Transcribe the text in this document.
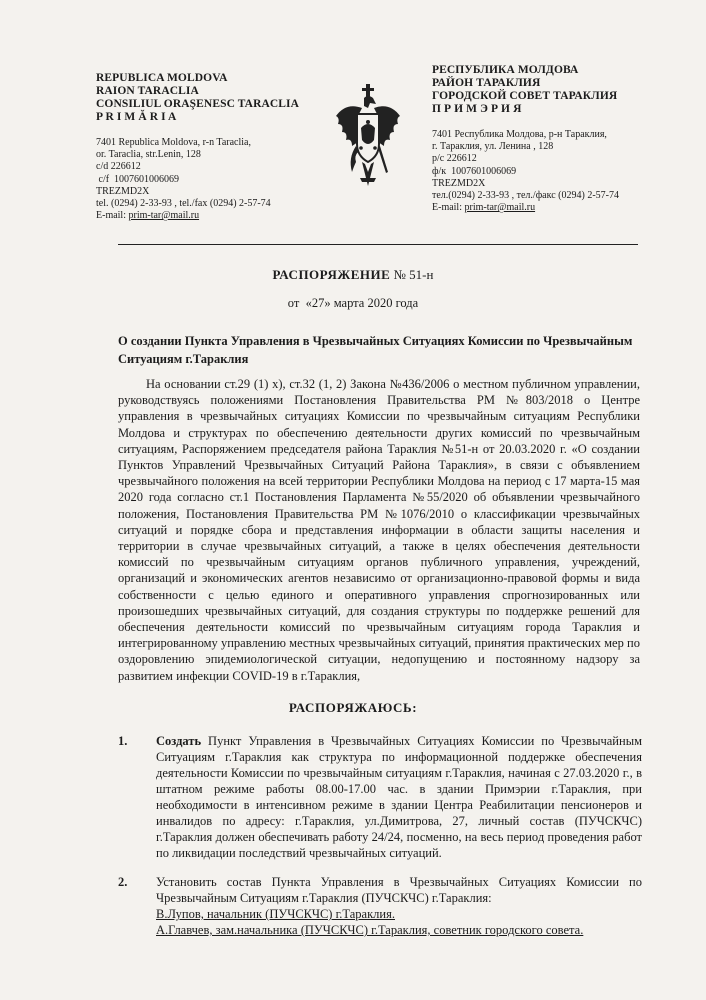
REPUBLICA MOLDOVA
RAION TARACLIA
CONSILIUL ORAŞENESC TARACLIA
P R I M Ă R I A
7401 Republica Moldova, r-n Taraclia,
or. Taraclia, str.Lenin, 128
c/d 226612
c/f  1007601006069
TREZMD2X
tel. (0294) 2-33-93 , tel./fax (0294) 2-57-74
E-mail: prim-tar@mail.ru
РЕСПУБЛИКА МОЛДОВА
РАЙОН ТАРАКЛИЯ
ГОРОДСКОЙ СОВЕТ ТАРАКЛИЯ
П Р И М Э Р И Я
7401 Республика Молдова, р-н Тараклия,
г. Тараклия, ул. Ленина , 128
р/с 226612
ф/к  1007601006069
TREZMD2X
тел.(0294) 2-33-93 , тел./факс (0294) 2-57-74
E-mail: prim-tar@mail.ru
РАСПОРЯЖЕНИЕ № 51-н
от  «27» марта 2020 года
О создании Пункта Управления в Чрезвычайных Ситуациях Комиссии по Чрезвычайным Ситуациям г.Тараклия
На основании ст.29 (1) х), ст.32 (1, 2) Закона №436/2006 о местном публичном управлении, руководствуясь положениями Постановления Правительства РМ №803/2018 о Центре управления в чрезвычайных ситуациях Комиссии по чрезвычайным ситуациям Республики Молдова и структурах по обеспечению деятельности других комиссий по чрезвычайным ситуациям, Распоряжением председателя района Тараклия №51-н от 20.03.2020 г. «О создании Пунктов Управлений Чрезвычайных Ситуаций Района Тараклия», в связи с объявлением чрезвычайного положения на всей территории Республики Молдова на период с 17 марта-15 мая 2020 года согласно ст.1 Постановления Парламента №55/2020 об объявлении чрезвычайного положения, Постановления Правительства РМ №1076/2010 о классификации чрезвычайных ситуаций и порядке сбора и представления информации в области защиты населения и территории в случае чрезвычайных ситуаций, а также в целях обеспечения деятельности комиссий по чрезвычайным ситуациям органов публичного управления, учреждений, организаций и экономических агентов независимо от организационно-правовой формы и вида собственности с целью единого и оперативного управления спрогнозированных или произошедших чрезвычайных ситуаций, для создания структуры по поддержке решений для обеспечения деятельности комиссий по чрезвычайным ситуациям города Тараклия и интегрированному управлению местных чрезвычайных ситуаций, принятия практических мер по оздоровлению эпидемиологической ситуации, недопущению и постоянному надзору за развитием инфекции COVID-19 в г.Тараклия,
РАСПОРЯЖАЮСЬ:
1. Создать Пункт Управления в Чрезвычайных Ситуациях Комиссии по Чрезвычайным Ситуациям г.Тараклия как структура по информационной поддержке обеспечения деятельности Комиссии по чрезвычайным ситуациям г.Тараклия, начиная с 27.03.2020 г., в штатном режиме работы 08.00-17.00 час. в здании Примэрии г.Тараклия, при необходимости в интенсивном режиме в здании Центра Реабилитации пенсионеров и инвалидов по адресу: г.Тараклия, ул.Димитрова, 27, личный состав (ПУЧСКЧС) г.Тараклия должен обеспечивать работу 24/24, посменно, на весь период проведения работ по ликвидации последствий чрезвычайных ситуаций.
2. Установить состав Пункта Управления в Чрезвычайных Ситуациях Комиссии по Чрезвычайным Ситуациям г.Тараклия (ПУЧСКЧС) г.Тараклия:
В.Лупов, начальник (ПУЧСКЧС) г.Тараклия.
А.Главчев, зам.начальника (ПУЧСКЧС) г.Тараклия, советник городского совета.
